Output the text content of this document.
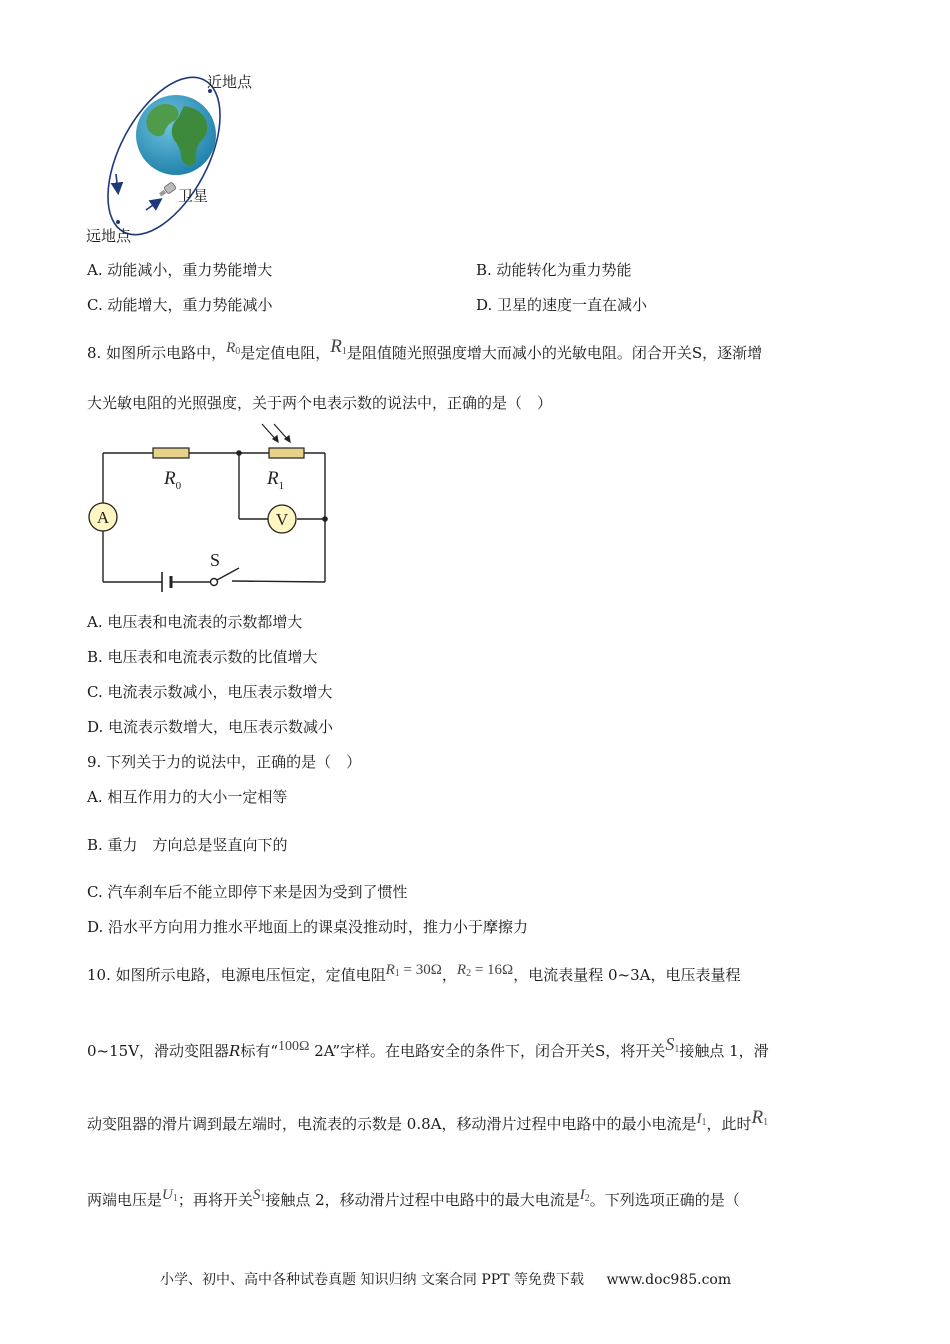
近地点
卫星
远地点
A. 动能减小，重力势能增大	B. 动能转化为重力势能
C. 动能增大，重力势能减小	D. 卫星的速度一直在减小
8. 如图所示电路中，R0是定值电阻，R1是阻值随光照强度增大而减小的光敏电阻。闭合开关S，逐渐增
大光敏电阻的光照强度，关于两个电表示数的说法中，正确的是（　）
$R_0$	$R_1$
A	V
S
A. 电压表和电流表的示数都增大
B. 电压表和电流表示数的比值增大
C. 电流表示数减小，电压表示数增大
D. 电流表示数增大，电压表示数减小
9. 下列关于力的说法中，正确的是（　）
A. 相互作用力的大小一定相等
B. 重力　方向总是竖直向下的
C. 汽车刹车后不能立即停下来是因为受到了惯性
D. 沿水平方向用力推水平地面上的课桌没推动时，推力小于摩擦力
10. 如图所示电路，电源电压恒定，定值电阻R1 = 30Ω，R2 = 16Ω，电流表量程 0~3A，电压表量程
0~15V，滑动变阻器R标有“100Ω 2A”字样。在电路安全的条件下，闭合开关S，将开关S1接触点 1，滑
动变阻器的滑片调到最左端时，电流表的示数是 0.8A，移动滑片过程中电路中的最小电流是I1，此时R1
两端电压是U1；再将开关S1接触点 2，移动滑片过程中电路中的最大电流是I2。下列选项正确的是（
小学、初中、高中各种试卷真题 知识归纳 文案合同 PPT 等免费下载 www.doc985.com
